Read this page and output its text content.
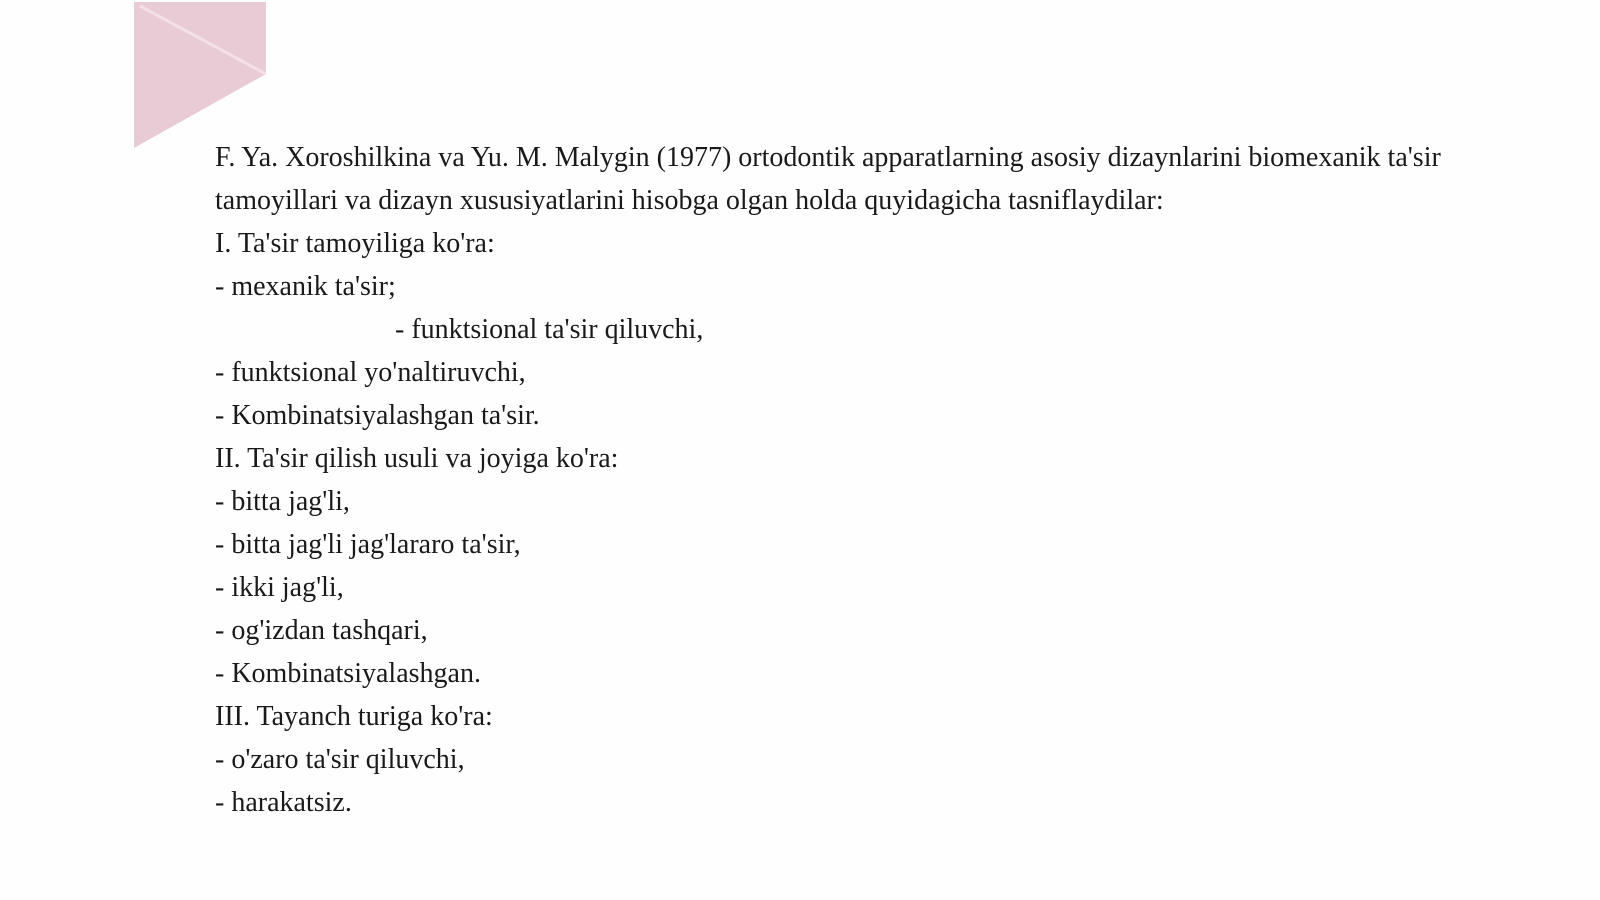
F. Ya. Xoroshilkina va Yu. M. Malygin (1977) ortodontik apparatlarning asosiy dizaynlarini biomexanik ta'sir tamoyillari va dizayn xususiyatlarini hisobga olgan holda quyidagicha tasniflaydilar:
I. Ta'sir tamoyiliga ko'ra:
- mexanik ta'sir;
- funktsional ta'sir qiluvchi,
- funktsional yo'naltiruvchi,
- Kombinatsiyalashgan ta'sir.
II. Ta'sir qilish usuli va joyiga ko'ra:
- bitta jag'li,
- bitta jag'li jag'lararo ta'sir,
- ikki jag'li,
- og'izdan tashqari,
- Kombinatsiyalashgan.
III. Tayanch turiga ko'ra:
- o'zaro ta'sir qiluvchi,
- harakatsiz.
